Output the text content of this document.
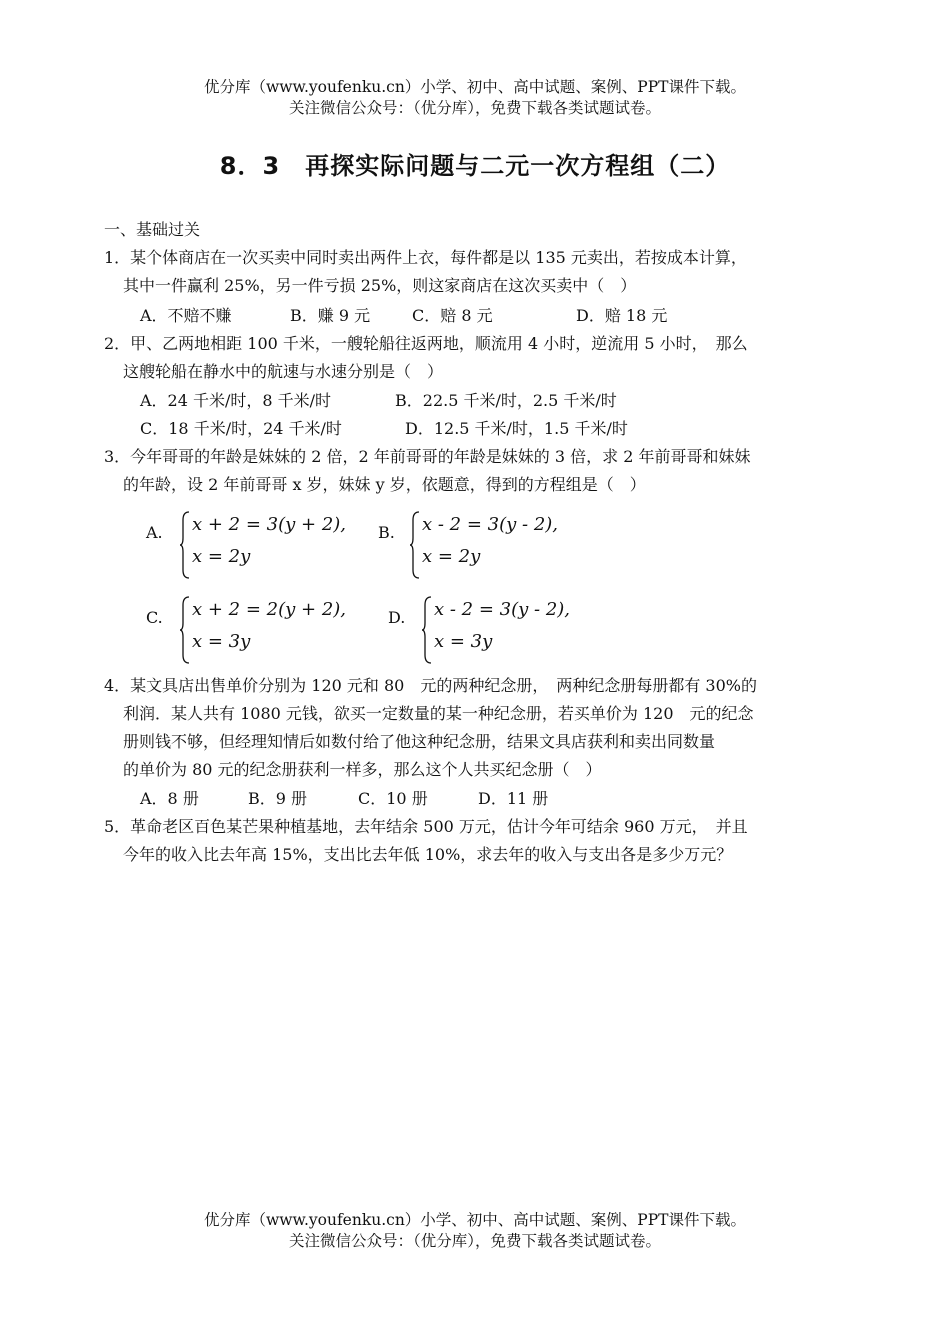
优分库（www.youfenku.cn）小学、初中、高中试题、案例、PPT课件下载。
关注微信公众号：（优分库），免费下载各类试题试卷。
8．3　再探实际问题与二元一次方程组（二）
一、基础过关
1．某个体商店在一次买卖中同时卖出两件上衣，每件都是以 135 元卖出，若按成本计算，
其中一件赢利 25%，另一件亏损 25%，则这家商店在这次买卖中（　）
A．不赔不赚	B．赚 9 元	C．赔 8 元	D．赔 18 元
2．甲、乙两地相距 100 千米，一艘轮船往返两地，顺流用 4 小时，逆流用 5 小时，　那么
这艘轮船在静水中的航速与水速分别是（　）
A．24 千米/时，8 千米/时	B．22.5 千米/时，2.5 千米/时
C．18 千米/时，24 千米/时	D．12.5 千米/时，1.5 千米/时
3．今年哥哥的年龄是妹妹的 2 倍，2 年前哥哥的年龄是妹妹的 3 倍，求 2 年前哥哥和妹妹
的年龄，设 2 年前哥哥 x 岁，妹妹 y 岁，依题意，得到的方程组是（　）
A. x + 2 = 3(y + 2),
x = 2y
B. x - 2 = 3(y - 2),
x = 2y
C. x + 2 = 2(y + 2),
x = 3y
D. x - 2 = 3(y - 2),
x = 3y
4．某文具店出售单价分别为 120 元和 80　元的两种纪念册，　两种纪念册每册都有 30%的
利润．某人共有 1080 元钱，欲买一定数量的某一种纪念册，若买单价为 120　元的纪念
册则钱不够，但经理知情后如数付给了他这种纪念册，结果文具店获利和卖出同数量
的单价为 80 元的纪念册获利一样多，那么这个人共买纪念册（　）
A．8 册	B．9 册	C．10 册	D．11 册
5．革命老区百色某芒果种植基地，去年结余 500 万元，估计今年可结余 960 万元，　并且
今年的收入比去年高 15%，支出比去年低 10%，求去年的收入与支出各是多少万元？
优分库（www.youfenku.cn）小学、初中、高中试题、案例、PPT课件下载。
关注微信公众号：（优分库），免费下载各类试题试卷。
